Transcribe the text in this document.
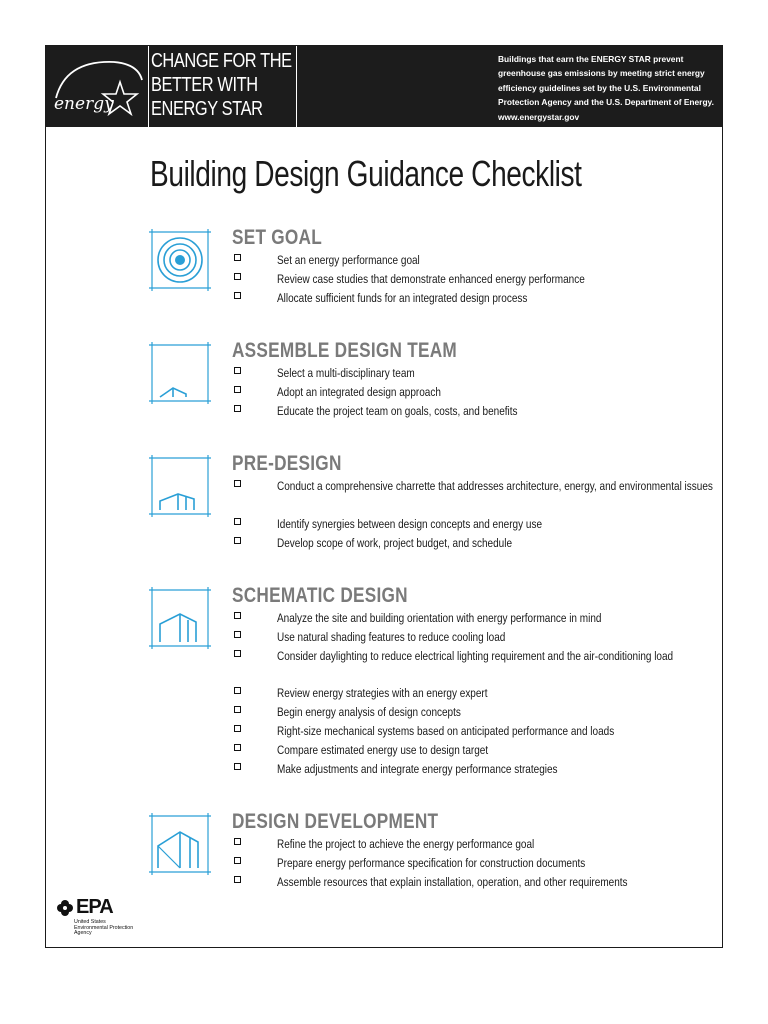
energy
CHANGE FOR THE
BETTER WITH
ENERGY STAR
Buildings that earn the ENERGY STAR prevent
greenhouse gas emissions by meeting strict energy
efficiency guidelines set by the U.S. Environmental
Protection Agency and the U.S. Department of Energy.
www.energystar.gov
Building Design Guidance Checklist
SET GOAL
Set an energy performance goal
Review case studies that demonstrate enhanced energy performance
Allocate sufficient funds for an integrated design process
ASSEMBLE DESIGN TEAM
Select a multi-disciplinary team
Adopt an integrated design approach
Educate the project team on goals, costs, and benefits
PRE-DESIGN
Conduct a comprehensive charrette that addresses architecture, energy, and environmental issues
Identify synergies between design concepts and energy use
Develop scope of work, project budget, and schedule
SCHEMATIC DESIGN
Analyze the site and building orientation with energy performance in mind
Use natural shading features to reduce cooling load
Consider daylighting to reduce electrical lighting requirement and the air-conditioning load
Review energy strategies with an energy expert
Begin energy analysis of design concepts
Right-size mechanical systems based on anticipated performance and loads
Compare estimated energy use to design target
Make adjustments and integrate energy performance strategies
DESIGN DEVELOPMENT
Refine the project to achieve the energy performance goal
Prepare energy performance specification for construction documents
Assemble resources that explain installation, operation, and other requirements
EPA
United States
Environmental Protection
Agency
